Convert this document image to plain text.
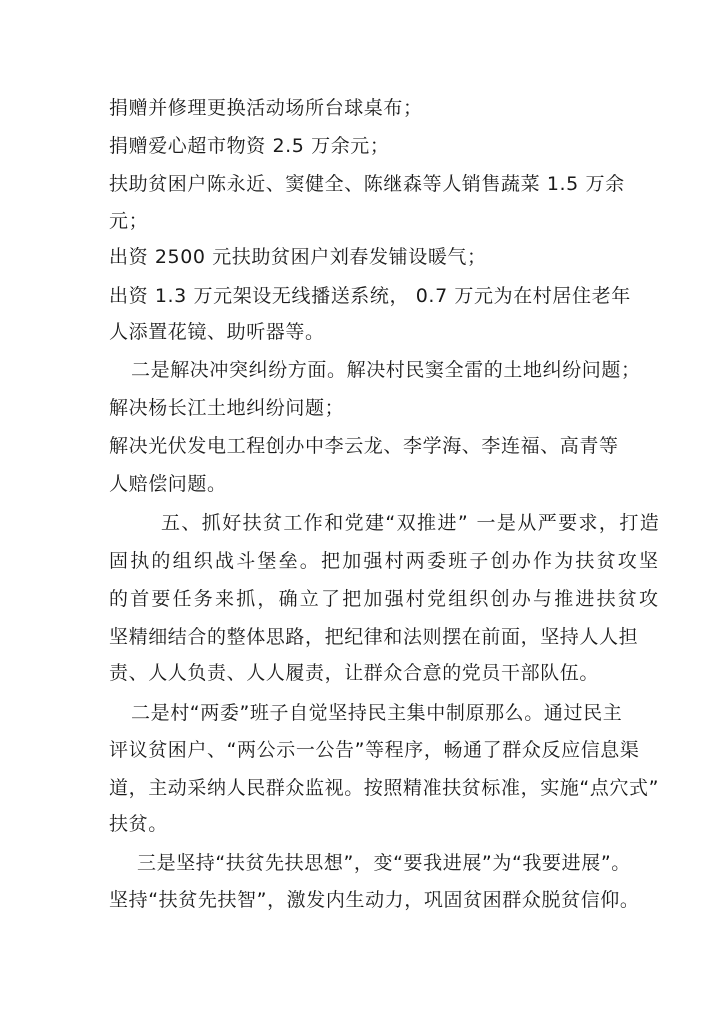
捐赠并修理更换活动场所台球桌布；
捐赠爱心超市物资 2.5 万余元；
扶助贫困户陈永近、窦健全、陈继森等人销售蔬菜 1.5 万余
元；
出资 2500 元扶助贫困户刘春发铺设暖气；
出资 1.3 万元架设无线播送系统， 0.7 万元为在村居住老年
人添置花镜、助听器等。
二是解决冲突纠纷方面。解决村民窦全雷的土地纠纷问题；
解决杨长江土地纠纷问题；
解决光伏发电工程创办中李云龙、李学海、李连福、高青等
人赔偿问题。
五、抓好扶贫工作和党建“双推进” 一是从严要求，打造
固执的组织战斗堡垒。把加强村两委班子创办作为扶贫攻坚
的首要任务来抓，确立了把加强村党组织创办与推进扶贫攻
坚精细结合的整体思路，把纪律和法则摆在前面，坚持人人担
责、人人负责、人人履责，让群众合意的党员干部队伍。
二是村“两委”班子自觉坚持民主集中制原那么。通过民主
评议贫困户、“两公示一公告”等程序，畅通了群众反应信息渠
道，主动采纳人民群众监视。按照精准扶贫标准，实施“点穴式”
扶贫。
三是坚持“扶贫先扶思想”，变“要我进展”为“我要进展”。
坚持“扶贫先扶智”，激发内生动力，巩固贫困群众脱贫信仰。
